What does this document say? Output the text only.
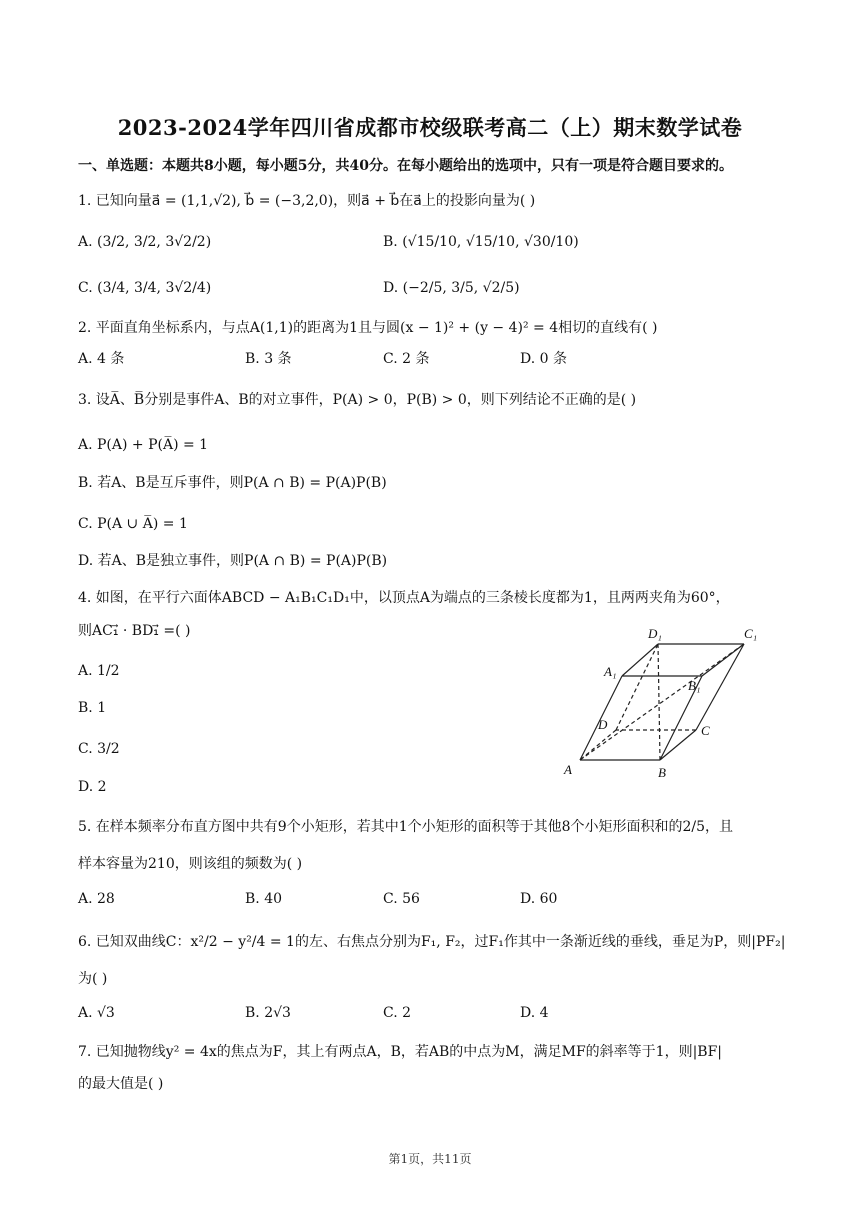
2023-2024学年四川省成都市校级联考高二（上）期末数学试卷
一、单选题：本题共8小题，每小题5分，共40分。在每小题给出的选项中，只有一项是符合题目要求的。
1. 已知向量a⃗ = (1,1,√2), b⃗ = (−3,2,0)，则a⃗ + b⃗在a⃗上的投影向量为( )
A. (3/2, 3/2, 3√2/2)	B. (√15/10, √15/10, √30/10)
C. (3/4, 3/4, 3√2/4)	D. (−2/5, 3/5, √2/5)
2. 平面直角坐标系内，与点A(1,1)的距离为1且与圆(x − 1)² + (y − 4)² = 4相切的直线有( )
A. 4 条	B. 3 条	C. 2 条	D. 0 条
3. 设A̅、B̅分别是事件A、B的对立事件，P(A) > 0，P(B) > 0，则下列结论不正确的是( )
A. P(A) + P(A̅) = 1
B. 若A、B是互斥事件，则P(A ∩ B) = P(A)P(B)
C. P(A ∪ A̅) = 1
D. 若A、B是独立事件，则P(A ∩ B) = P(A)P(B)
4. 如图，在平行六面体ABCD − A₁B₁C₁D₁中，以顶点A为端点的三条棱长度都为1，且两两夹角为60°，
则AC₁⃗ · BD₁⃗ =( )
A. 1/2
B. 1
C. 3/2
D. 2
A	B
C
D
A₁
B₁
C₁
D₁
5. 在样本频率分布直方图中共有9个小矩形，若其中1个小矩形的面积等于其他8个小矩形面积和的2/5，且
样本容量为210，则该组的频数为( )
A. 28	B. 40	C. 56	D. 60
6. 已知双曲线C：x²/2 − y²/4 = 1的左、右焦点分别为F₁, F₂，过F₁作其中一条渐近线的垂线，垂足为P，则|PF₂|
为( )
A. √3	B. 2√3	C. 2	D. 4
7. 已知抛物线y² = 4x的焦点为F，其上有两点A，B，若AB的中点为M，满足MF的斜率等于1，则|BF|
的最大值是( )
第1页，共11页
